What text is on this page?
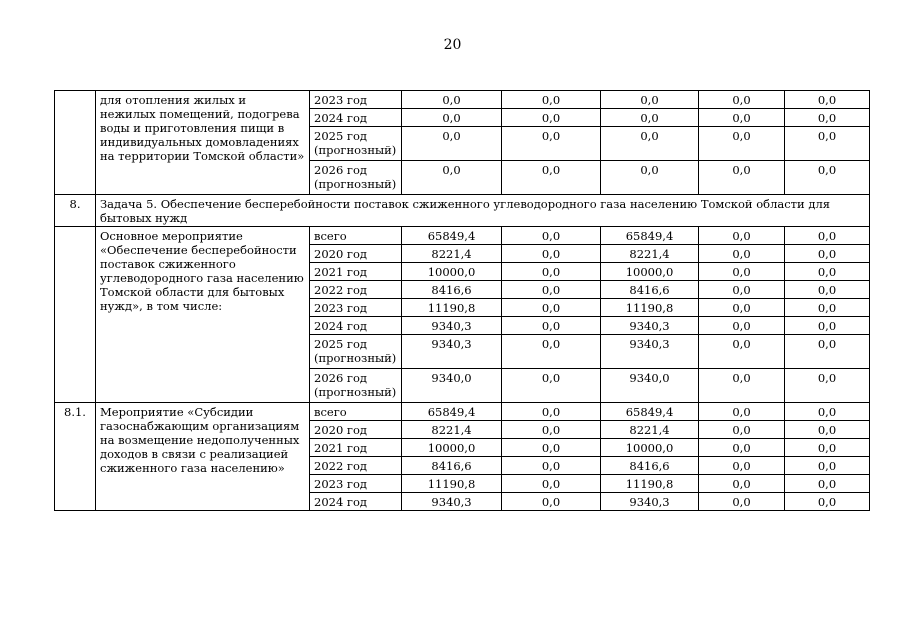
20
	для отопления жилых и нежилых помещений, подогрева воды и приготовления пищи в индивидуальных домовладениях на территории Томской области»	2023 год	0,0	0,0	0,0	0,0	0,0
		2024 год	0,0	0,0	0,0	0,0	0,0
		2025 год (прогнозный)	0,0	0,0	0,0	0,0	0,0
		2026 год (прогнозный)	0,0	0,0	0,0	0,0	0,0
8.	Задача 5. Обеспечение бесперебойности поставок сжиженного углеводородного газа населению Томской области для бытовых нужд						
	Основное мероприятие «Обеспечение бесперебойности поставок сжиженного углеводородного газа населению Томской области для бытовых нужд», в том числе:	всего	65849,4	0,0	65849,4	0,0	0,0
		2020 год	8221,4	0,0	8221,4	0,0	0,0
		2021 год	10000,0	0,0	10000,0	0,0	0,0
		2022 год	8416,6	0,0	8416,6	0,0	0,0
		2023 год	11190,8	0,0	11190,8	0,0	0,0
		2024 год	9340,3	0,0	9340,3	0,0	0,0
		2025 год (прогнозный)	9340,3	0,0	9340,3	0,0	0,0
		2026 год (прогнозный)	9340,0	0,0	9340,0	0,0	0,0
8.1.	Мероприятие «Субсидии газоснабжающим организациям на возмещение недополученных доходов в связи с реализацией сжиженного газа населению»	всего	65849,4	0,0	65849,4	0,0	0,0
		2020 год	8221,4	0,0	8221,4	0,0	0,0
		2021 год	10000,0	0,0	10000,0	0,0	0,0
		2022 год	8416,6	0,0	8416,6	0,0	0,0
		2023 год	11190,8	0,0	11190,8	0,0	0,0
		2024 год	9340,3	0,0	9340,3	0,0	0,0
